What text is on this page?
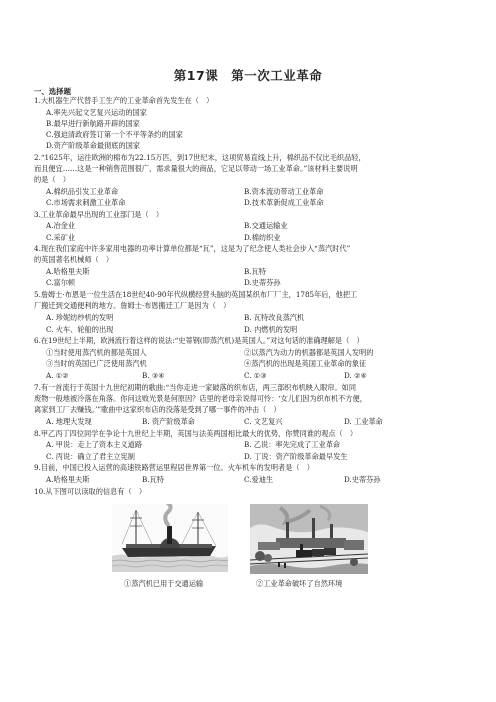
第17课　第一次工业革命
一、选择题
1.大机器生产代替手工生产的工业革命首先发生在（　）
A.率先兴起文艺复兴运动的国家
B.最早进行新航路开辟的国家
C.强迫清政府签订第一个不平等条约的国家
D.资产阶级革命最彻底的国家
2.“1625年，运往欧洲的棉布为22.15万匹，到17世纪末，这项贸易直线上升，棉织品不仅比毛织品轻，
而且便宜……这是一种销售范围很广、需求量很大的商品，它足以带动一场工业革命。”该材料主要说明
的是（　）
A.棉织品引发工业革命	B.资本流动带动工业革命
C.市场需求刺激工业革命	D.技术革新促成工业革命
3.工业革命最早出现的工业部门是（　）
A.冶金业	B.交通运输业
C.采矿业	D.棉纺织业
4.现在我们家庭中许多家用电器的功率计算单位都是“瓦”，这是为了纪念使人类社会步入“蒸汽时代”
的英国著名机械师（　）
A.哈格里夫斯	B.瓦特
C.富尔顿	D.史蒂芬孙
5.詹姆士·布恩是一位生活在18世纪40-90年代纵横经营头脑的英国某织布厂厂主，1785年后，他把工
厂搬迁到交通便利的地方。詹姆士·布恩搬迁工厂是因为（　）
A. 珍妮纺纱机的发明	B. 瓦特改良蒸汽机
C. 火车、轮船的出现	D. 内燃机的发明
6.在19世纪上半期，欧洲流行着这样的说法:“史蒂钢(即蒸汽机)是英国人。”对这句话的准确理解是（　）
①当时使用蒸汽机的都是英国人	②以蒸汽为动力的机器都是英国人发明的
③当时的英国已广泛使用蒸汽机	④蒸汽机的出现是英国工业革命的象征
A. ①②	B. ③④	C. ①③	D. ②④
7.有一首流行于英国十九世纪初期的歌曲:“当你走进一家破落的织布店，两三部织布机映入眼帘。如同
废物一般地被冷落在角落。你问这败光景是何原因？店里的老母亲说得可怜：‘女儿们因为织布机不方便，
离家到工厂去赚钱。’”歌曲中这家织布店的没落是受到了哪一事件的冲击（　）
A. 地理大发现	B. 资产阶级革命	C. 文艺复兴	D. 工业革命
8.甲乙丙丁四位同学在争论十九世纪上半期，英国与法美两国相比最大的优势，你赞同谁的观点（　）
A. 甲说：走上了资本主义道路	B. 乙说：率先完成了工业革命
C. 丙说：确立了君主立宪制	D. 丁说：资产阶级革命最早发生
9.目前，中国已投入运营的高速铁路营运里程居世界第一位。火车机车的发明者是（　）
A.哈格里夫斯	B.瓦特	C.爱迪生	D.史蒂芬孙
10.从下图可以读取的信息有（　）
①蒸汽机已用于交通运输	②工业革命破坏了自然环境
